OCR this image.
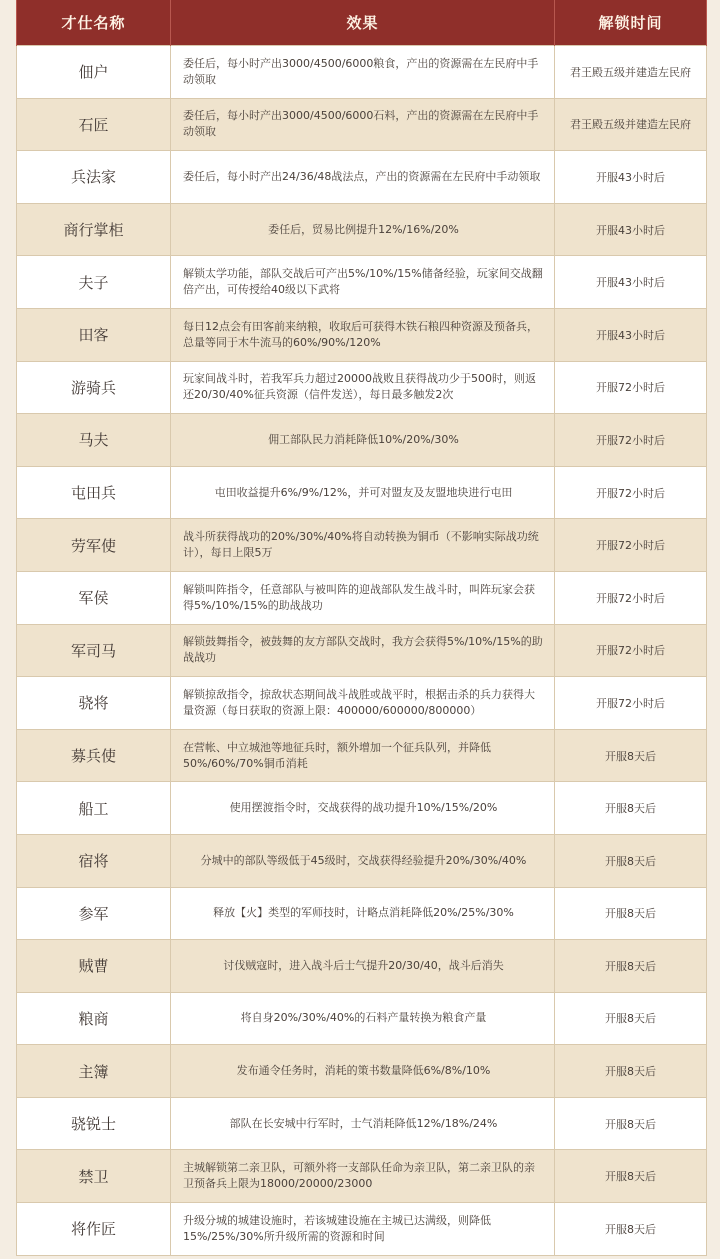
才仕名称	效果	解锁时间
佃户	委任后，每小时产出3000/4500/6000粮食，产出的资源需在左民府中手动领取	君王殿五级并建造左民府
石匠	委任后，每小时产出3000/4500/6000石料，产出的资源需在左民府中手动领取	君王殿五级并建造左民府
兵法家	委任后，每小时产出24/36/48战法点，产出的资源需在左民府中手动领取	开服43小时后
商行掌柜	委任后，贸易比例提升12%/16%/20%	开服43小时后
夫子	解锁太学功能，部队交战后可产出5%/10%/15%储备经验，玩家间交战翻倍产出，可传授给40级以下武将	开服43小时后
田客	每日12点会有田客前来纳粮，收取后可获得木铁石粮四种资源及预备兵，总量等同于木牛流马的60%/90%/120%	开服43小时后
游骑兵	玩家间战斗时，若我军兵力超过20000战败且获得战功少于500时，则返还20/30/40%征兵资源（信件发送），每日最多触发2次	开服72小时后
马夫	佣工部队民力消耗降低10%/20%/30%	开服72小时后
屯田兵	屯田收益提升6%/9%/12%，并可对盟友及友盟地块进行屯田	开服72小时后
劳军使	战斗所获得战功的20%/30%/40%将自动转换为铜币（不影响实际战功统计），每日上限5万	开服72小时后
军侯	解锁叫阵指令，任意部队与被叫阵的迎战部队发生战斗时，叫阵玩家会获得5%/10%/15%的助战战功	开服72小时后
军司马	解锁鼓舞指令，被鼓舞的友方部队交战时，我方会获得5%/10%/15%的助战战功	开服72小时后
骁将	解锁掠敌指令，掠敌状态期间战斗战胜或战平时，根据击杀的兵力获得大量资源（每日获取的资源上限：400000/600000/800000）	开服72小时后
募兵使	在营帐、中立城池等地征兵时，额外增加一个征兵队列，并降低50%/60%/70%铜币消耗	开服8天后
船工	使用摆渡指令时，交战获得的战功提升10%/15%/20%	开服8天后
宿将	分城中的部队等级低于45级时，交战获得经验提升20%/30%/40%	开服8天后
参军	释放【火】类型的军师技时，计略点消耗降低20%/25%/30%	开服8天后
贼曹	讨伐贼寇时，进入战斗后士气提升20/30/40，战斗后消失	开服8天后
粮商	将自身20%/30%/40%的石料产量转换为粮食产量	开服8天后
主簿	发布通令任务时，消耗的策书数量降低6%/8%/10%	开服8天后
骁锐士	部队在长安城中行军时，士气消耗降低12%/18%/24%	开服8天后
禁卫	主城解锁第二亲卫队，可额外将一支部队任命为亲卫队，第二亲卫队的亲卫预备兵上限为18000/20000/23000	开服8天后
将作匠	升级分城的城建设施时，若该城建设施在主城已达满级，则降低15%/25%/30%所升级所需的资源和时间	开服8天后
